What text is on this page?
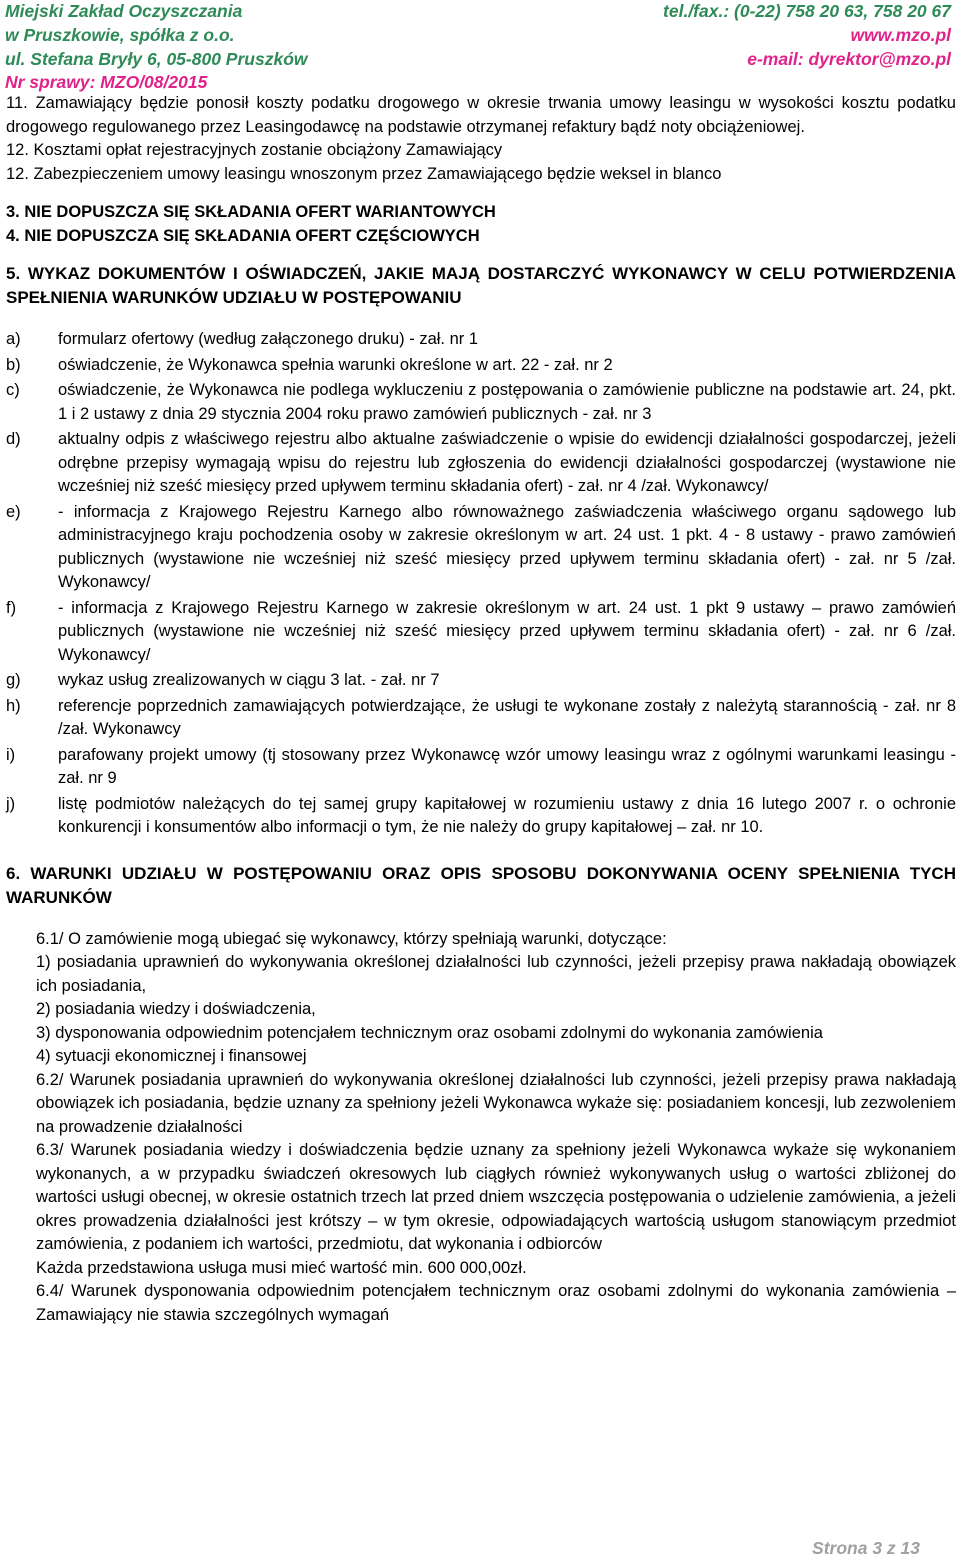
Miejski Zakład Oczyszczania	tel./fax.: (0-22) 758 20 63, 758 20 67
w Pruszkowie, spółka z o.o.	www.mzo.pl
ul. Stefana Bryły 6, 05-800 Pruszków	e-mail: dyrektor@mzo.pl
Nr sprawy: MZO/08/2015

11. Zamawiający będzie ponosił koszty podatku drogowego w okresie trwania umowy leasingu w wysokości kosztu podatku drogowego regulowanego przez Leasingodawcę na podstawie otrzymanej refaktury bądź noty obciążeniowej.

12. Kosztami opłat rejestracyjnych zostanie obciążony Zamawiający

12. Zabezpieczeniem umowy leasingu wnoszonym przez Zamawiającego będzie weksel in blanco

3. NIE DOPUSZCZA SIĘ SKŁADANIA OFERT WARIANTOWYCH

4. NIE DOPUSZCZA SIĘ SKŁADANIA OFERT CZĘŚCIOWYCH

5. WYKAZ DOKUMENTÓW I OŚWIADCZEŃ, JAKIE MAJĄ DOSTARCZYĆ WYKONAWCY W CELU POTWIERDZENIA SPEŁNIENIA WARUNKÓW UDZIAŁU W POSTĘPOWANIU

a)	formularz ofertowy (według załączonego druku) - zał. nr 1
b)	oświadczenie, że Wykonawca spełnia warunki określone w art. 22 - zał. nr 2
c)	oświadczenie, że Wykonawca nie podlega wykluczeniu z postępowania o zamówienie publiczne na podstawie art. 24, pkt. 1 i 2 ustawy z dnia 29 stycznia 2004 roku prawo zamówień publicznych - zał. nr 3
d)	aktualny odpis z właściwego rejestru albo aktualne zaświadczenie o wpisie do ewidencji działalności gospodarczej, jeżeli odrębne przepisy wymagają wpisu do rejestru lub zgłoszenia do ewidencji działalności gospodarczej (wystawione nie wcześniej niż sześć miesięcy przed upływem terminu składania ofert) - zał. nr 4 /zał. Wykonawcy/
e)	- informacja z Krajowego Rejestru Karnego albo równoważnego zaświadczenia właściwego organu sądowego lub administracyjnego kraju pochodzenia osoby w zakresie określonym w art. 24 ust. 1 pkt. 4 - 8 ustawy - prawo zamówień publicznych (wystawione nie wcześniej niż sześć miesięcy przed upływem terminu składania ofert) - zał. nr 5 /zał. Wykonawcy/
f)	- informacja z Krajowego Rejestru Karnego w zakresie określonym w art. 24 ust. 1 pkt 9 ustawy – prawo zamówień publicznych (wystawione nie wcześniej niż sześć miesięcy przed upływem terminu składania ofert) - zał. nr 6 /zał. Wykonawcy/
g)	wykaz usług zrealizowanych w ciągu 3 lat. - zał. nr 7
h)	referencje poprzednich zamawiających potwierdzające, że usługi te wykonane zostały z należytą starannością - zał. nr 8 /zał. Wykonawcy
i)	parafowany projekt umowy (tj stosowany przez Wykonawcę wzór umowy leasingu wraz z ogólnymi warunkami leasingu - zał. nr 9
j)	listę podmiotów należących do tej samej grupy kapitałowej w rozumieniu ustawy z dnia 16 lutego 2007 r. o ochronie konkurencji i konsumentów albo informacji o tym, że nie należy do grupy kapitałowej – zał. nr 10.

6. WARUNKI UDZIAŁU W POSTĘPOWANIU ORAZ OPIS SPOSOBU DOKONYWANIA OCENY SPEŁNIENIA TYCH WARUNKÓW

6.1/ O zamówienie mogą ubiegać się wykonawcy, którzy spełniają warunki, dotyczące:

1) posiadania uprawnień do wykonywania określonej działalności lub czynności, jeżeli przepisy prawa nakładają obowiązek ich posiadania,

2) posiadania wiedzy i doświadczenia,

3) dysponowania odpowiednim potencjałem technicznym oraz osobami zdolnymi do wykonania zamówienia

4) sytuacji ekonomicznej i finansowej

6.2/ Warunek posiadania uprawnień do wykonywania określonej działalności lub czynności, jeżeli przepisy prawa nakładają obowiązek ich posiadania, będzie uznany za spełniony jeżeli Wykonawca wykaże się: posiadaniem koncesji, lub zezwoleniem na prowadzenie działalności

6.3/ Warunek posiadania wiedzy i doświadczenia będzie uznany za spełniony jeżeli Wykonawca wykaże się wykonaniem wykonanych, a w przypadku świadczeń okresowych lub ciągłych również wykonywanych usług o wartości zbliżonej do wartości usługi obecnej, w okresie ostatnich trzech lat przed dniem wszczęcia postępowania o udzielenie zamówienia, a jeżeli okres prowadzenia działalności jest krótszy – w tym okresie, odpowiadających wartością usługom stanowiącym przedmiot zamówienia, z podaniem ich wartości, przedmiotu, dat wykonania i odbiorców

Każda przedstawiona usługa musi mieć wartość min. 600 000,00zł.

6.4/ Warunek dysponowania odpowiednim potencjałem technicznym oraz osobami zdolnymi do wykonania zamówienia – Zamawiający nie stawia szczególnych wymagań

Strona 3 z 13
